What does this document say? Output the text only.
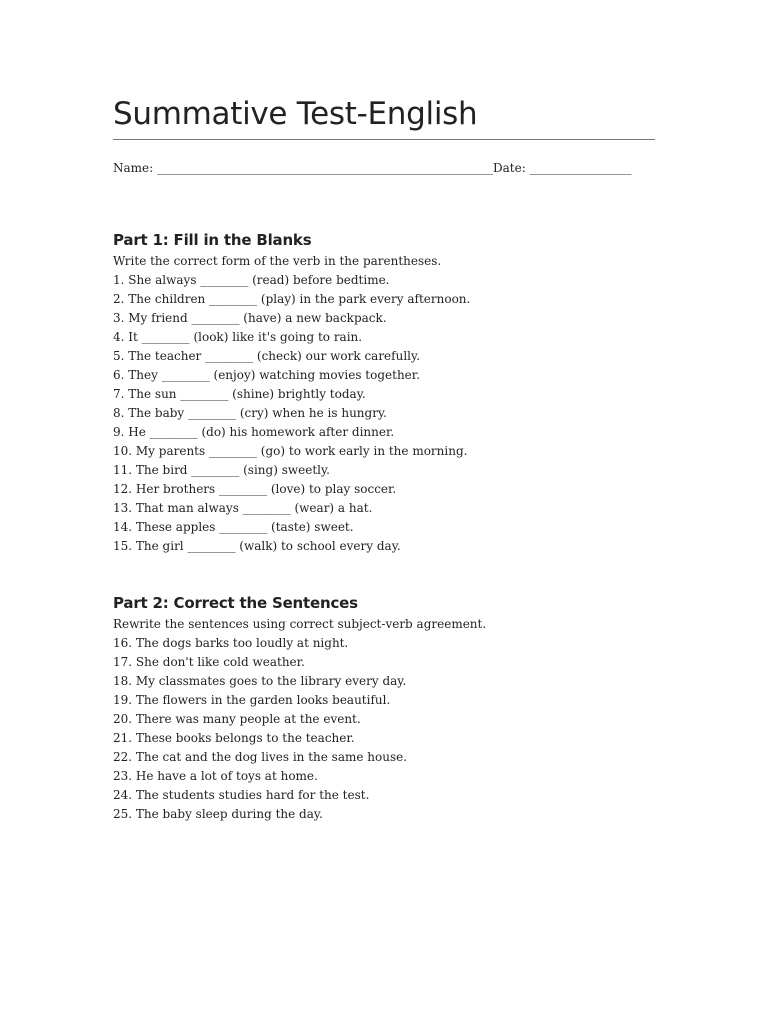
Summative Test-English
Name: ________________________________________________________Date: _________________
Part 1: Fill in the Blanks
Write the correct form of the verb in the parentheses.
1. She always ________ (read) before bedtime.
2. The children ________ (play) in the park every afternoon.
3. My friend ________ (have) a new backpack.
4. It ________ (look) like it's going to rain.
5. The teacher ________ (check) our work carefully.
6. They ________ (enjoy) watching movies together.
7. The sun ________ (shine) brightly today.
8. The baby ________ (cry) when he is hungry.
9. He ________ (do) his homework after dinner.
10. My parents ________ (go) to work early in the morning.
11. The bird ________ (sing) sweetly.
12. Her brothers ________ (love) to play soccer.
13. That man always ________ (wear) a hat.
14. These apples ________ (taste) sweet.
15. The girl ________ (walk) to school every day.
Part 2: Correct the Sentences
Rewrite the sentences using correct subject-verb agreement.
16. The dogs barks too loudly at night.
17. She don't like cold weather.
18. My classmates goes to the library every day.
19. The flowers in the garden looks beautiful.
20. There was many people at the event.
21. These books belongs to the teacher.
22. The cat and the dog lives in the same house.
23. He have a lot of toys at home.
24. The students studies hard for the test.
25. The baby sleep during the day.
